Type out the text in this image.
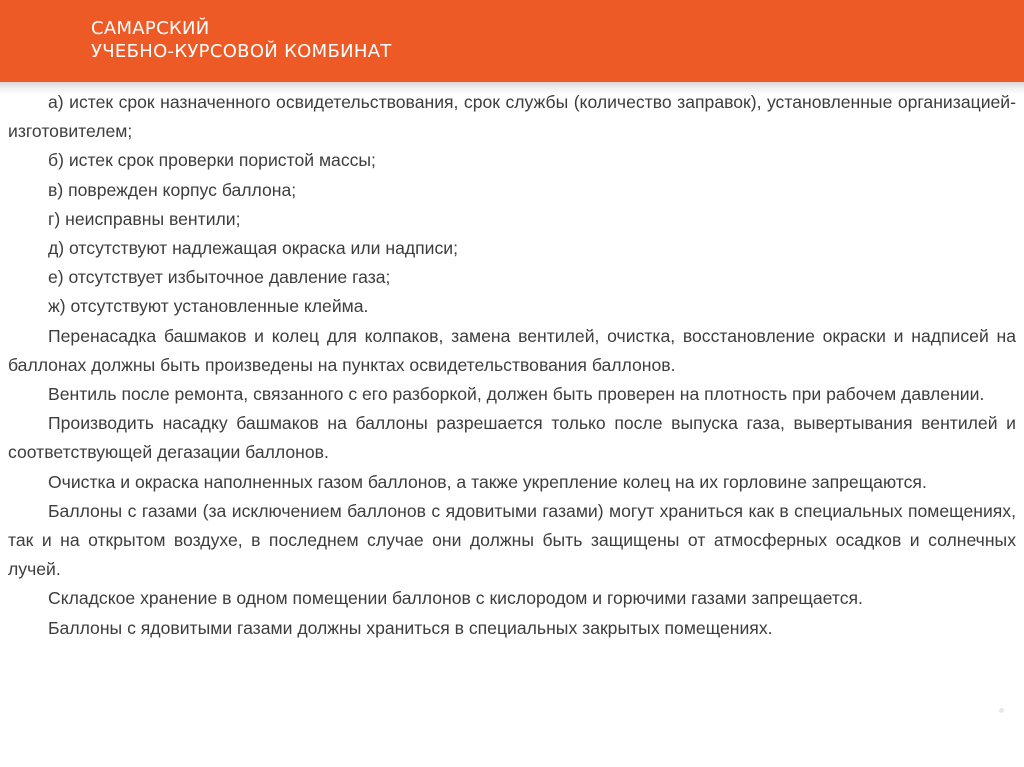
САМАРСКИЙ
УЧЕБНО-КУРСОВОЙ КОМБИНАТ

а) истек срок назначенного освидетельствования, срок службы (количество заправок), установленные организацией-изготовителем;

б) истек срок проверки пористой массы;

в) поврежден корпус баллона;

г) неисправны вентили;

д) отсутствуют надлежащая окраска или надписи;

е) отсутствует избыточное давление газа;

ж) отсутствуют установленные клейма.

Перенасадка башмаков и колец для колпаков, замена вентилей, очистка, восстановление окраски и надписей на баллонах должны быть произведены на пунктах освидетельствования баллонов.

Вентиль после ремонта, связанного с его разборкой, должен быть проверен на плотность при рабочем давлении.

Производить насадку башмаков на баллоны разрешается только после выпуска газа, вывертывания вентилей и соответствующей дегазации баллонов.

Очистка и окраска наполненных газом баллонов, а также укрепление колец на их горловине запрещаются.

Баллоны с газами (за исключением баллонов с ядовитыми газами) могут храниться как в специальных помещениях, так и на открытом воздухе, в последнем случае они должны быть защищены от атмосферных осадков и солнечных лучей.

Складское хранение в одном помещении баллонов с кислородом и горючими газами запрещается.

Баллоны с ядовитыми газами должны храниться в специальных закрытых помещениях.
